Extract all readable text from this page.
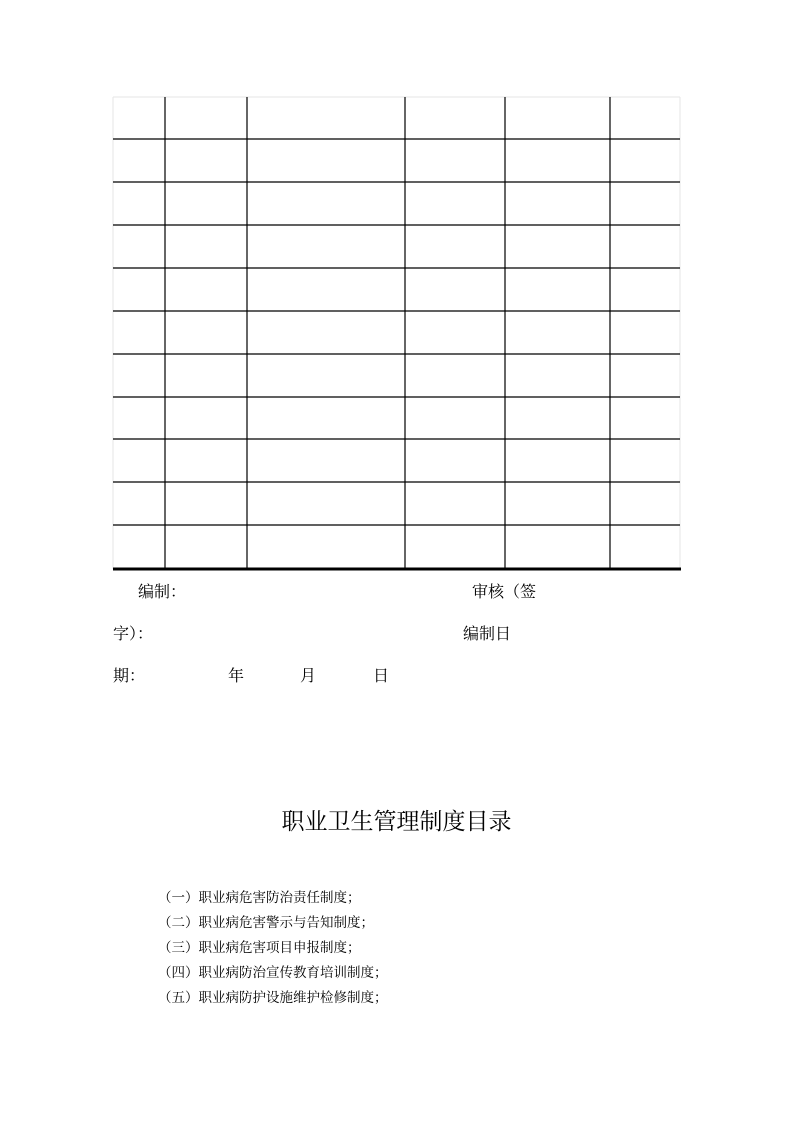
编制：	审核（签
字）：	编制日
期：	年	月	日
职业卫生管理制度目录
（一）职业病危害防治责任制度；
（二）职业病危害警示与告知制度；
（三）职业病危害项目申报制度；
（四）职业病防治宣传教育培训制度；
（五）职业病防护设施维护检修制度；
